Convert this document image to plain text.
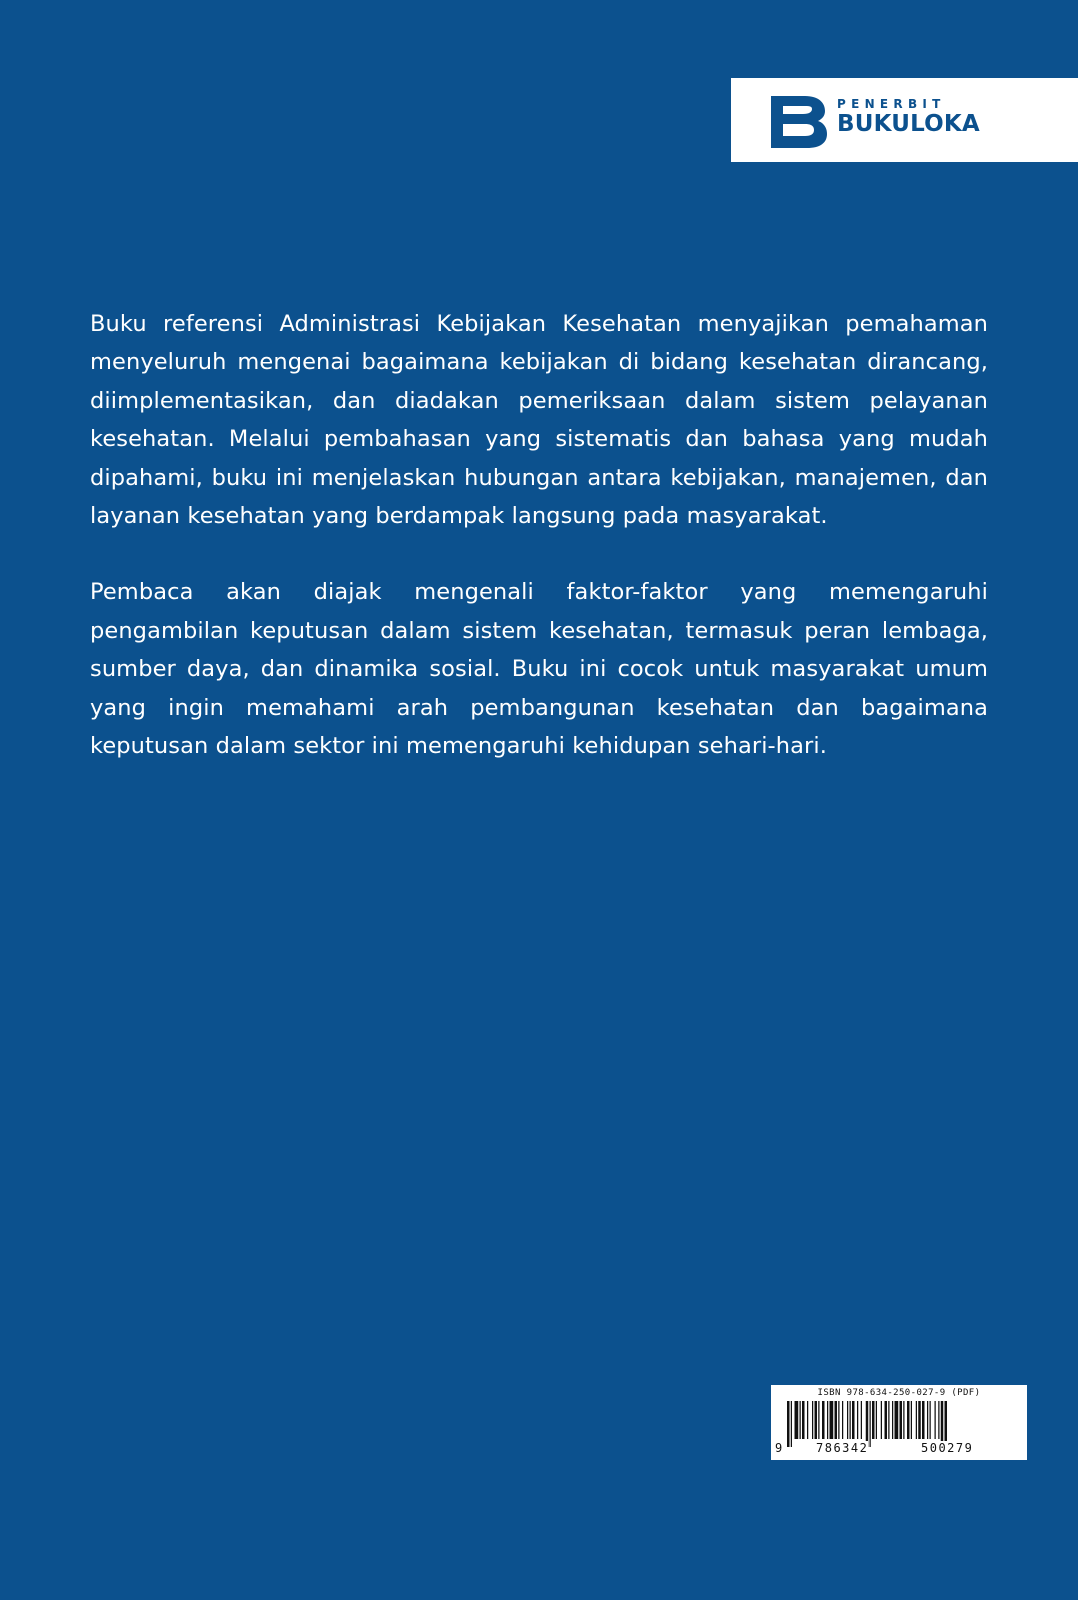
PENERBIT
BUKULOKA

Buku referensi Administrasi Kebijakan Kesehatan menyajikan pemahaman menyeluruh mengenai bagaimana kebijakan di bidang kesehatan dirancang, diimplementasikan, dan diadakan pemeriksaan dalam sistem pelayanan kesehatan. Melalui pembahasan yang sistematis dan bahasa yang mudah dipahami, buku ini menjelaskan hubungan antara kebijakan, manajemen, dan layanan kesehatan yang berdampak langsung pada masyarakat.

Pembaca akan diajak mengenali faktor-faktor yang memengaruhi pengambilan keputusan dalam sistem kesehatan, termasuk peran lembaga, sumber daya, dan dinamika sosial. Buku ini cocok untuk masyarakat umum yang ingin memahami arah pembangunan kesehatan dan bagaimana keputusan dalam sektor ini memengaruhi kehidupan sehari-hari.

ISBN 978-634-250-027-9 (PDF)
9	786342	500279
